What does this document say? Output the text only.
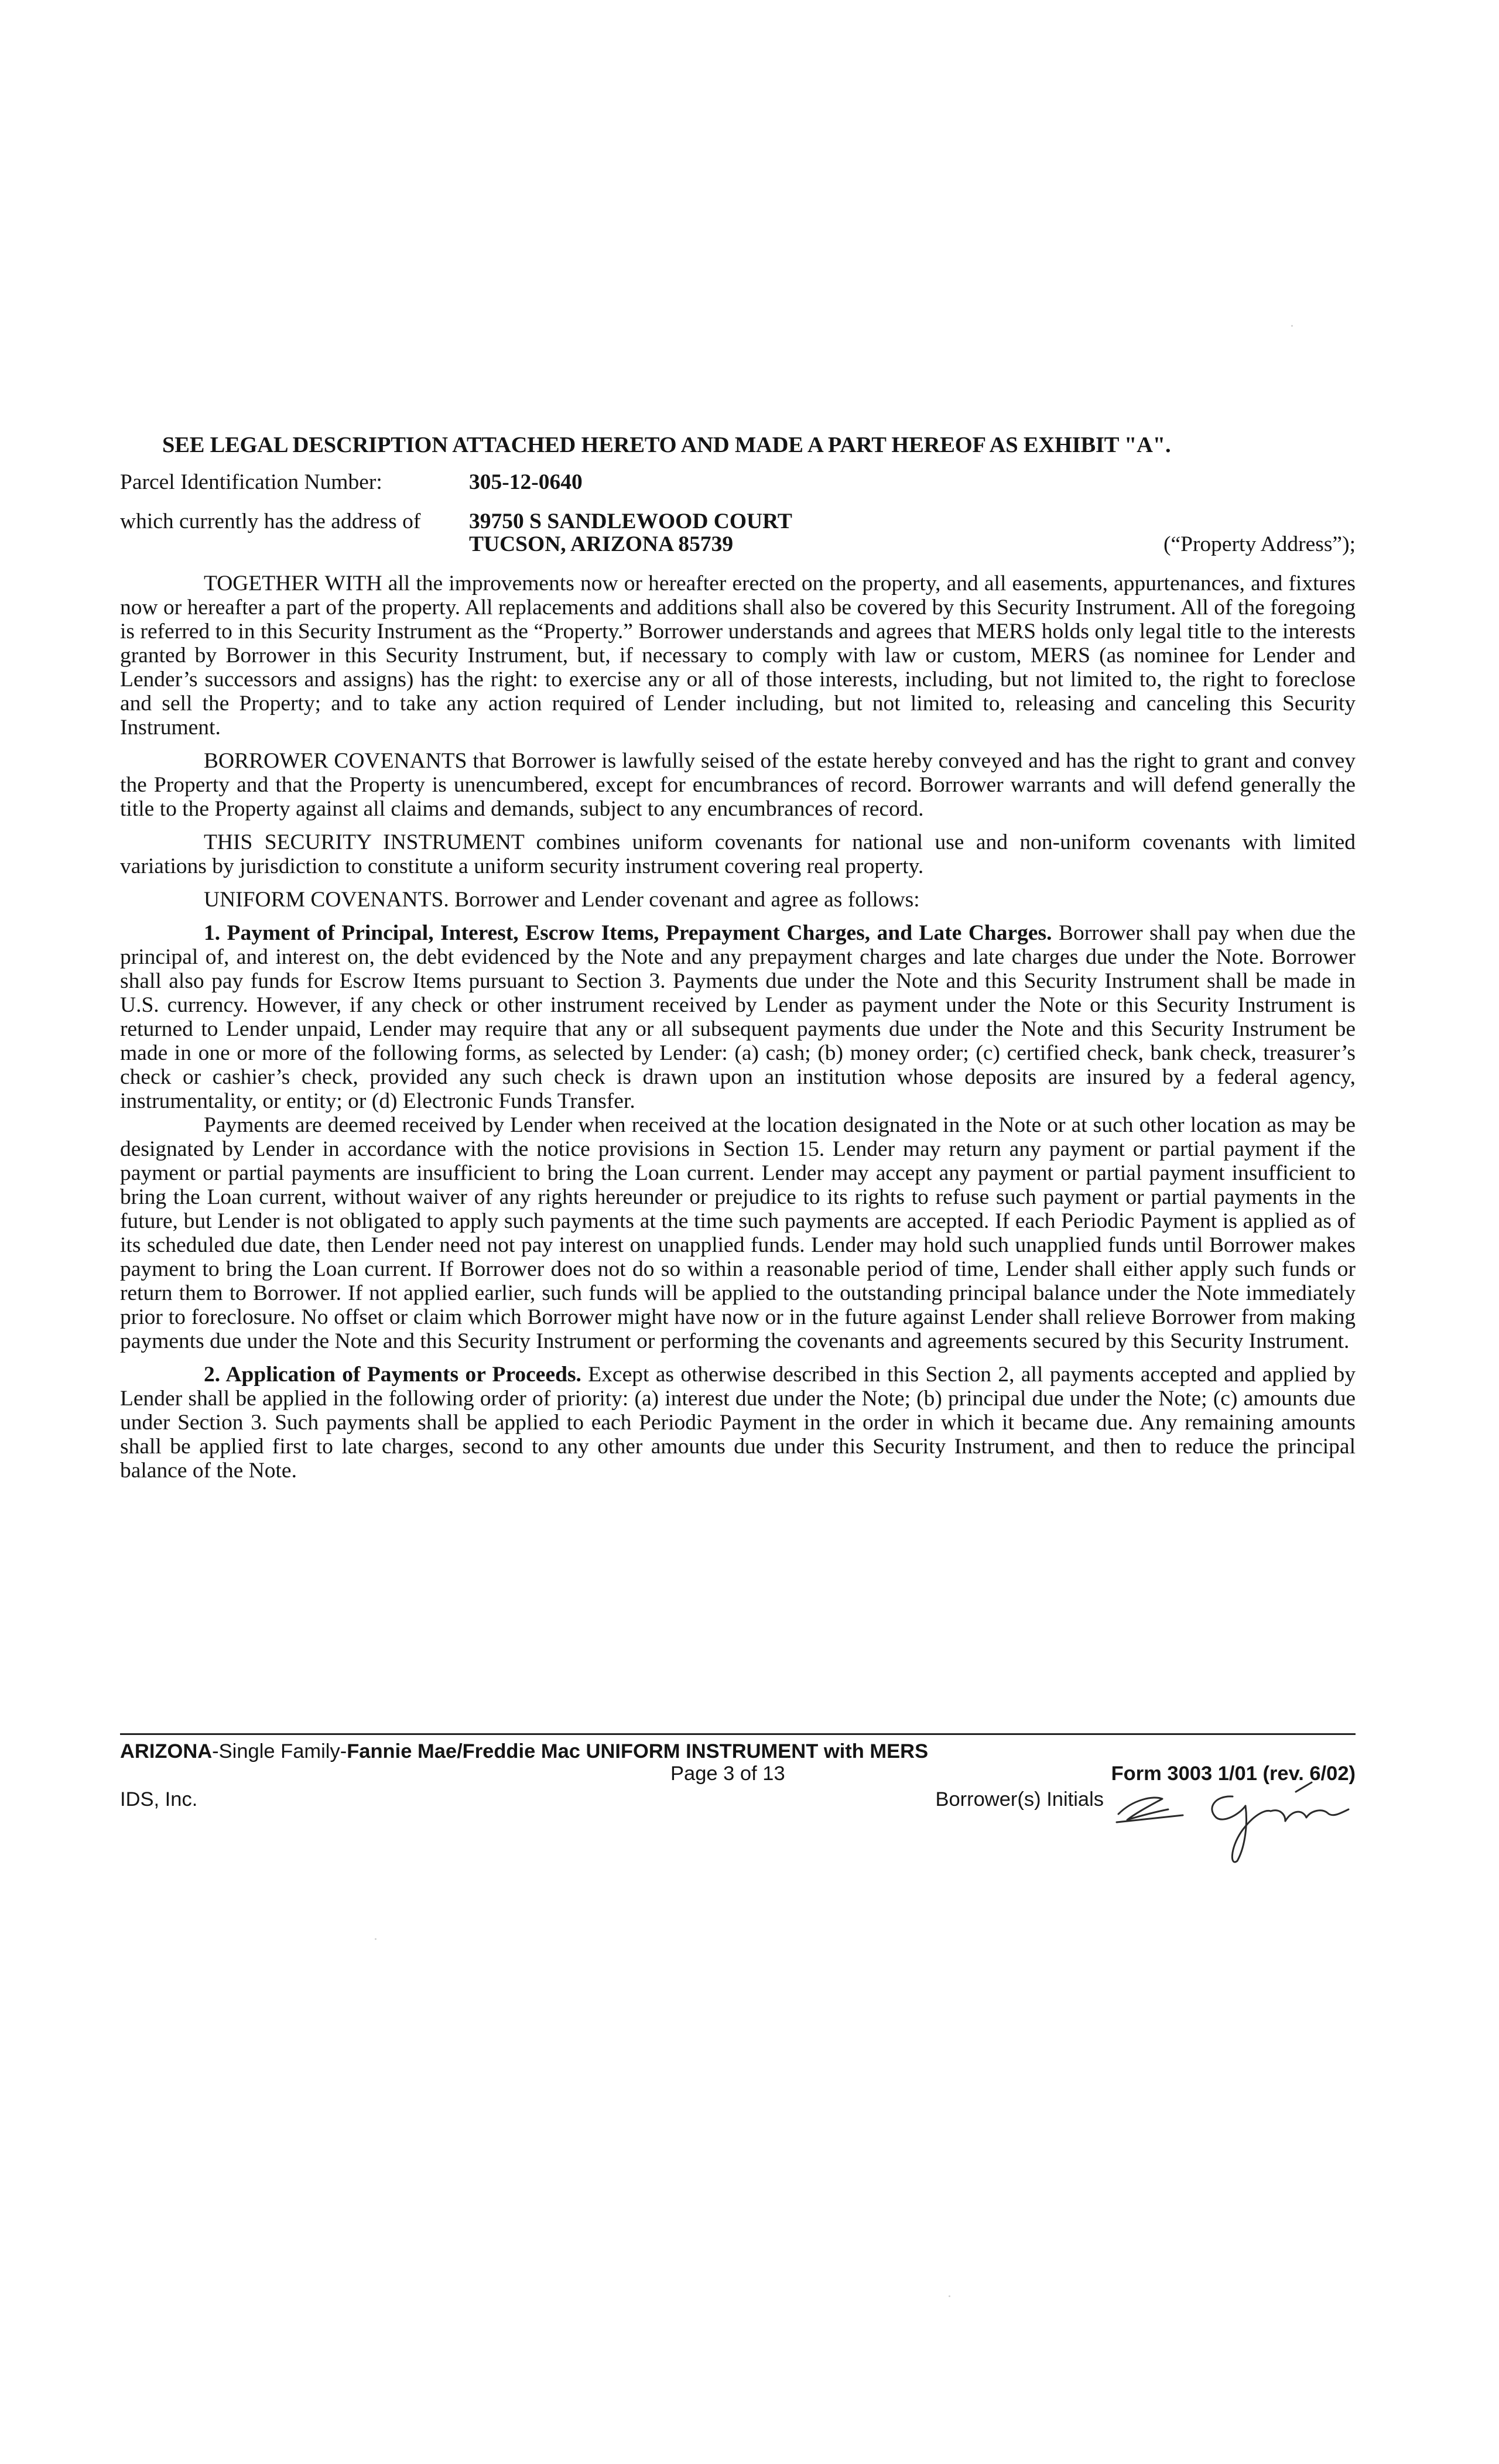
SEE LEGAL DESCRIPTION ATTACHED HERETO AND MADE A PART HEREOF AS EXHIBIT "A".
Parcel Identification Number:	305-12-0640
which currently has the address of	39750 S SANDLEWOOD COURT
TUCSON, ARIZONA 85739	(“Property Address”);

TOGETHER WITH all the improvements now or hereafter erected on the property, and all easements, appurtenances, and fixtures now or hereafter a part of the property. All replacements and additions shall also be covered by this Security Instrument. All of the foregoing is referred to in this Security Instrument as the “Property.” Borrower understands and agrees that MERS holds only legal title to the interests granted by Borrower in this Security Instrument, but, if necessary to comply with law or custom, MERS (as nominee for Lender and Lender’s successors and assigns) has the right: to exercise any or all of those interests, including, but not limited to, the right to foreclose and sell the Property; and to take any action required of Lender including, but not limited to, releasing and canceling this Security Instrument.

BORROWER COVENANTS that Borrower is lawfully seised of the estate hereby conveyed and has the right to grant and convey the Property and that the Property is unencumbered, except for encumbrances of record. Borrower warrants and will defend generally the title to the Property against all claims and demands, subject to any encumbrances of record.

THIS SECURITY INSTRUMENT combines uniform covenants for national use and non-uniform covenants with limited variations by jurisdiction to constitute a uniform security instrument covering real property.

UNIFORM COVENANTS. Borrower and Lender covenant and agree as follows:

1. Payment of Principal, Interest, Escrow Items, Prepayment Charges, and Late Charges. Borrower shall pay when due the principal of, and interest on, the debt evidenced by the Note and any prepayment charges and late charges due under the Note. Borrower shall also pay funds for Escrow Items pursuant to Section 3. Payments due under the Note and this Security Instrument shall be made in U.S. currency. However, if any check or other instrument received by Lender as payment under the Note or this Security Instrument is returned to Lender unpaid, Lender may require that any or all subsequent payments due under the Note and this Security Instrument be made in one or more of the following forms, as selected by Lender: (a) cash; (b) money order; (c) certified check, bank check, treasurer’s check or cashier’s check, provided any such check is drawn upon an institution whose deposits are insured by a federal agency, instrumentality, or entity; or (d) Electronic Funds Transfer.

Payments are deemed received by Lender when received at the location designated in the Note or at such other location as may be designated by Lender in accordance with the notice provisions in Section 15. Lender may return any payment or partial payment if the payment or partial payments are insufficient to bring the Loan current. Lender may accept any payment or partial payment insufficient to bring the Loan current, without waiver of any rights hereunder or prejudice to its rights to refuse such payment or partial payments in the future, but Lender is not obligated to apply such payments at the time such payments are accepted. If each Periodic Payment is applied as of its scheduled due date, then Lender need not pay interest on unapplied funds. Lender may hold such unapplied funds until Borrower makes payment to bring the Loan current. If Borrower does not do so within a reasonable period of time, Lender shall either apply such funds or return them to Borrower. If not applied earlier, such funds will be applied to the outstanding principal balance under the Note immediately prior to foreclosure. No offset or claim which Borrower might have now or in the future against Lender shall relieve Borrower from making payments due under the Note and this Security Instrument or performing the covenants and agreements secured by this Security Instrument.

2. Application of Payments or Proceeds. Except as otherwise described in this Section 2, all payments accepted and applied by Lender shall be applied in the following order of priority: (a) interest due under the Note; (b) principal due under the Note; (c) amounts due under Section 3. Such payments shall be applied to each Periodic Payment in the order in which it became due. Any remaining amounts shall be applied first to late charges, second to any other amounts due under this Security Instrument, and then to reduce the principal balance of the Note.

ARIZONA-Single Family-Fannie Mae/Freddie Mac UNIFORM INSTRUMENT with MERS
Page 3 of 13	Form 3003 1/01 (rev. 6/02)
IDS, Inc.	Borrower(s) Initials
